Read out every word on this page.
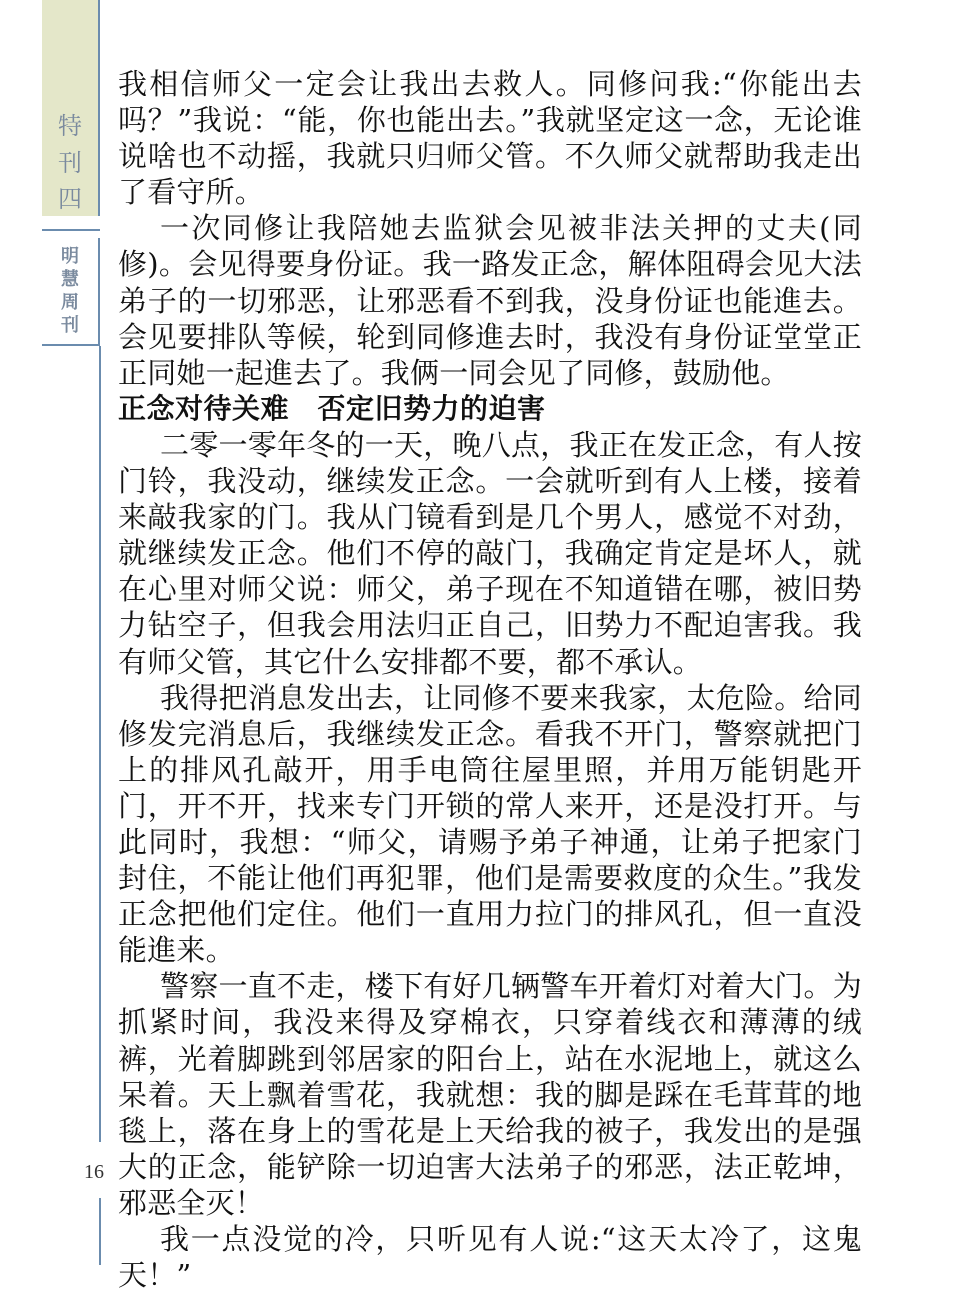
特
刊
四
明
慧
周
刊

我相信师父一定会让我出去救人。同修问我:“你能出去吗？”我说：“能，你也能出去。”我就坚定这一念，无论谁说啥也不动摇，我就只归师父管。不久师父就帮助我走出了看守所。

一次同修让我陪她去监狱会见被非法关押的丈夫(同修)。会见得要身份证。我一路发正念，解体阻碍会见大法弟子的一切邪恶，让邪恶看不到我，没身份证也能進去。会见要排队等候，轮到同修進去时，我没有身份证堂堂正正同她一起進去了。我俩一同会见了同修，鼓励他。

正念对待关难　否定旧势力的迫害

二零一零年冬的一天，晚八点，我正在发正念，有人按门铃，我没动，继续发正念。一会就听到有人上楼，接着来敲我家的门。我从门镜看到是几个男人，感觉不对劲，就继续发正念。他们不停的敲门，我确定肯定是坏人，就在心里对师父说：师父，弟子现在不知道错在哪，被旧势力钻空子，但我会用法归正自己，旧势力不配迫害我。我有师父管，其它什么安排都不要，都不承认。

我得把消息发出去，让同修不要来我家，太危险。给同修发完消息后，我继续发正念。看我不开门，警察就把门上的排风孔敲开，用手电筒往屋里照，并用万能钥匙开门，开不开，找来专门开锁的常人来开，还是没打开。与此同时，我想：“师父，请赐予弟子神通，让弟子把家门封住，不能让他们再犯罪，他们是需要救度的众生。”我发正念把他们定住。他们一直用力拉门的排风孔，但一直没能進来。

警察一直不走，楼下有好几辆警车开着灯对着大门。为抓紧时间，我没来得及穿棉衣，只穿着线衣和薄薄的绒裤，光着脚跳到邻居家的阳台上，站在水泥地上，就这么呆着。天上飘着雪花，我就想：我的脚是踩在毛茸茸的地毯上，落在身上的雪花是上天给我的被子，我发出的是强大的正念，能铲除一切迫害大法弟子的邪恶，法正乾坤，邪恶全灭！

我一点没觉的冷，只听见有人说:“这天太冷了，这鬼天！”

16
